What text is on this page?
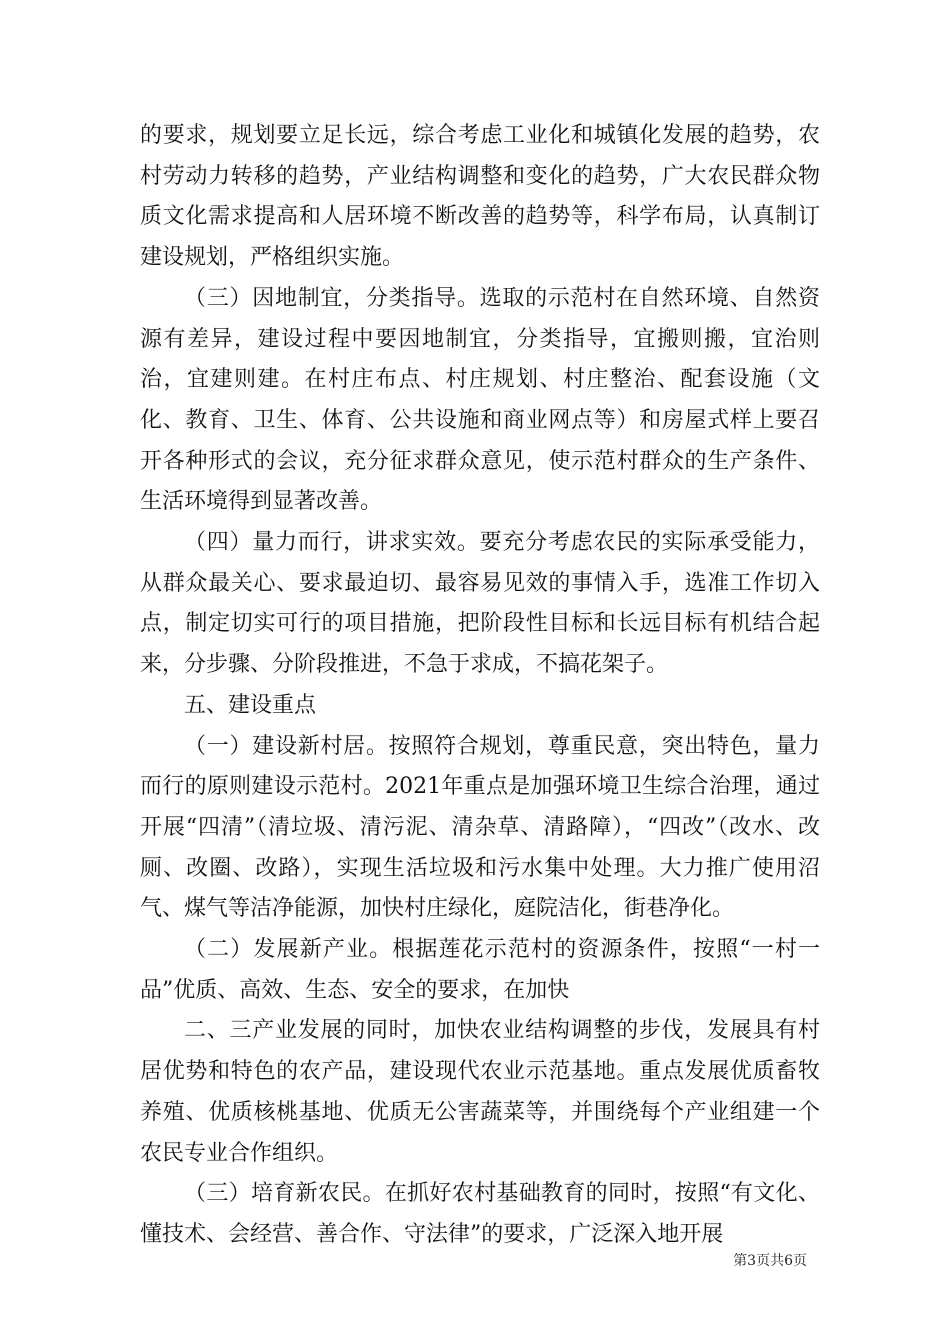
的要求，规划要立足长远，综合考虑工业化和城镇化发展的趋势，农村劳动力转移的趋势，产业结构调整和变化的趋势，广大农民群众物质文化需求提高和人居环境不断改善的趋势等，科学布局，认真制订建设规划，严格组织实施。

（三）因地制宜，分类指导。选取的示范村在自然环境、自然资源有差异，建设过程中要因地制宜，分类指导，宜搬则搬，宜治则治，宜建则建。在村庄布点、村庄规划、村庄整治、配套设施（文化、教育、卫生、体育、公共设施和商业网点等）和房屋式样上要召开各种形式的会议，充分征求群众意见，使示范村群众的生产条件、生活环境得到显著改善。

（四）量力而行，讲求实效。要充分考虑农民的实际承受能力，从群众最关心、要求最迫切、最容易见效的事情入手，选准工作切入点，制定切实可行的项目措施，把阶段性目标和长远目标有机结合起来，分步骤、分阶段推进，不急于求成，不搞花架子。

五、建设重点

（一）建设新村居。按照符合规划，尊重民意，突出特色，量力而行的原则建设示范村。2021年重点是加强环境卫生综合治理，通过开展“四清”（清垃圾、清污泥、清杂草、清路障），“四改”（改水、改厕、改圈、改路），实现生活垃圾和污水集中处理。大力推广使用沼气、煤气等洁净能源，加快村庄绿化，庭院洁化，街巷净化。

（二）发展新产业。根据莲花示范村的资源条件，按照“一村一品”优质、高效、生态、安全的要求，在加快

二、三产业发展的同时，加快农业结构调整的步伐，发展具有村居优势和特色的农产品，建设现代农业示范基地。重点发展优质畜牧养殖、优质核桃基地、优质无公害蔬菜等，并围绕每个产业组建一个农民专业合作组织。

（三）培育新农民。在抓好农村基础教育的同时，按照“有文化、懂技术、会经营、善合作、守法律”的要求，广泛深入地开展

第3页共6页
